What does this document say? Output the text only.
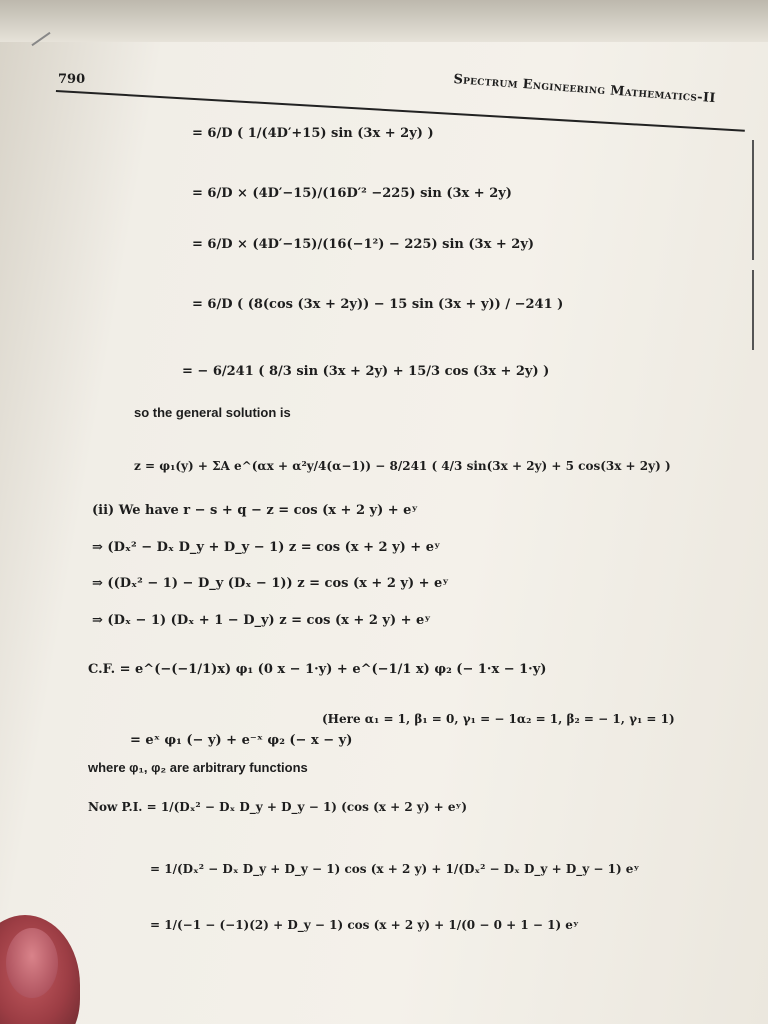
790	Spectrum Engineering Mathematics-II
= 6/D ( 1/(4D′+15) sin (3x + 2y) )
= 6/D × (4D′−15)/(16D′² −225) sin (3x + 2y)
= 6/D × (4D′−15)/(16(−1²) − 225) sin (3x + 2y)
= 6/D ( (8(cos (3x + 2y)) − 15 sin (3x + y)) / −241 )
= − 6/241 ( 8/3 sin (3x + 2y) + 15/3 cos (3x + 2y) )
so the general solution is
z = φ₁(y) + ΣA e^(αx + α²y/4(α−1)) − 8/241 ( 4/3 sin(3x + 2y) + 5 cos(3x + 2y) )
(ii) We have r − s + q − z = cos (x + 2 y) + eʸ
⇒ (Dₓ² − Dₓ D_y + D_y − 1) z = cos (x + 2 y) + eʸ
⇒ ((Dₓ² − 1) − D_y (Dₓ − 1)) z = cos (x + 2 y) + eʸ
⇒ (Dₓ − 1) (Dₓ + 1 − D_y) z = cos (x + 2 y) + eʸ
C.F. = e^(−(−1/1)x) φ₁ (0 x − 1·y) + e^(−1/1 x) φ₂ (− 1·x − 1·y)
(Here α₁ = 1, β₁ = 0, γ₁ = − 1α₂ = 1, β₂ = − 1, γ₁ = 1)
= eˣ φ₁ (− y) + e⁻ˣ φ₂ (− x − y)
where φ₁, φ₂ are arbitrary functions
Now P.I. = 1/(Dₓ² − Dₓ D_y + D_y − 1) (cos (x + 2 y) + eʸ)
= 1/(Dₓ² − Dₓ D_y + D_y − 1) cos (x + 2 y) + 1/(Dₓ² − Dₓ D_y + D_y − 1) eʸ
= 1/(−1 − (−1)(2) + D_y − 1) cos (x + 2 y) + 1/(0 − 0 + 1 − 1) eʸ
